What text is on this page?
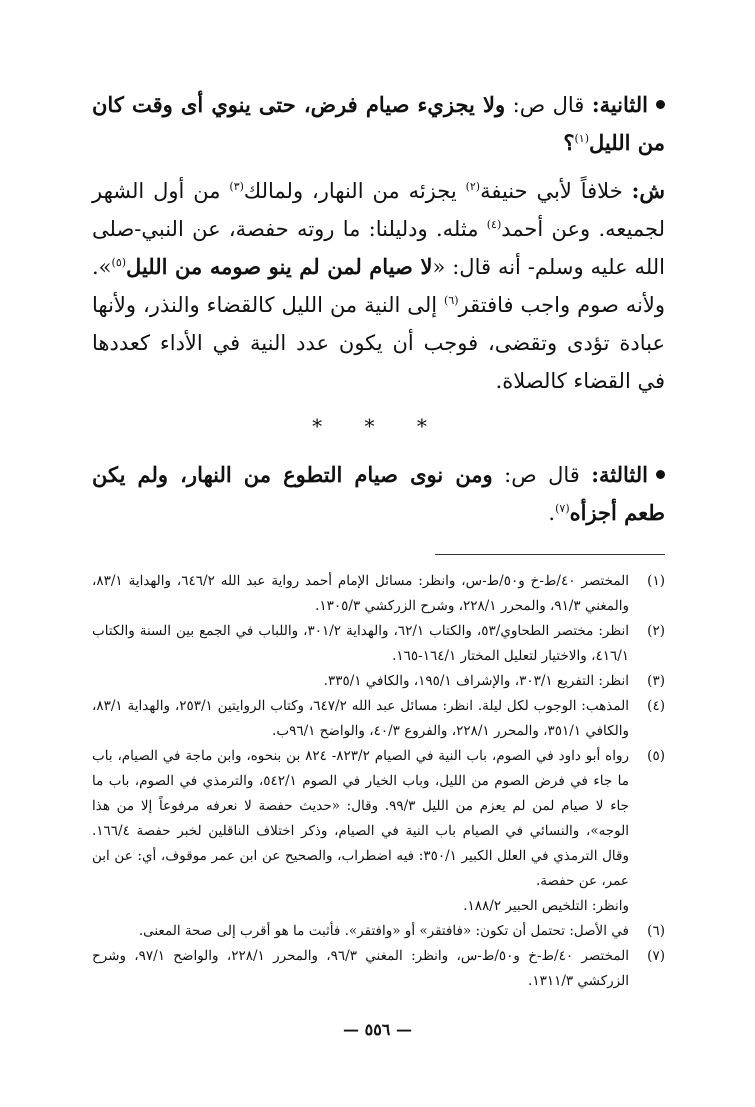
الثانية: قال ص: ولا يجزيء صيام فرض، حتى ينوي أى وقت كان من الليل$^{(١)}$؟

ش: خلافاً لأبي حنيفة$^{(٢)}$ يجزئه من النهار، ولمالك$^{(٣)}$ من أول الشهر لجميعه. وعن أحمد$^{(٤)}$ مثله. ودليلنا: ما روته حفصة، عن النبي-صلى الله عليه وسلم- أنه قال: «لا صيام لمن لم ينو صومه من الليل$^{(٥)}$». ولأنه صوم واجب فافتقر$^{(٦)}$ إلى النية من الليل كالقضاء والنذر، ولأنها عبادة تؤدى وتقضى، فوجب أن يكون عدد النية في الأداء كعددها في القضاء كالصلاة.

* * *

الثالثة: قال ص: ومن نوى صيام التطوع من النهار، ولم يكن طعم أجزأه$^{(٧)}$.

(١)
المختصر ٤٠/ط-خ و٥٠/ط-س، وانظر: مسائل الإمام أحمد رواية عبد الله ٦٤٦/٢، والهداية ٨٣/١، والمغني ٩١/٣، والمحرر ٢٢٨/١، وشرح الزركشي ١٣٠٥/٣.
(٢)
انظر: مختصر الطحاوي/٥٣، والكتاب ٦٢/١، والهداية ٣٠١/٢، واللباب في الجمع بين السنة والكتاب ٤١٦/١، والاختيار لتعليل المختار ١٦٤/١-١٦٥.
(٣)
انظر: التفريع ٣٠٣/١، والإشراف ١٩٥/١، والكافي ٣٣٥/١.
(٤)
المذهب: الوجوب لكل ليلة. انظر: مسائل عبد الله ٦٤٧/٢، وكتاب الروايتين ٢٥٣/١، والهداية ٨٣/١، والكافي ٣٥١/١، والمحرر ٢٢٨/١، والفروع ٤٠/٣، والواضح ٩٦/١ب.
(٥)
رواه أبو داود في الصوم، باب النية في الصيام ٨٢٣/٢- ٨٢٤ بن بنحوه، وابن ماجة في الصيام، باب ما جاء في فرض الصوم من الليل، وباب الخيار في الصوم ٥٤٢/١، والترمذي في الصوم، باب ما جاء لا صيام لمن لم يعزم من الليل ٩٩/٣. وقال: «حديث حفصة لا نعرفه مرفوعاً إلا من هذا الوجه»، والنسائي في الصيام باب النية في الصيام، وذكر اختلاف الناقلين لخبر حفصة ١٦٦/٤. وقال الترمذي في العلل الكبير ٣٥٠/١: فيه اضطراب، والصحيح عن ابن عمر موقوف، أي: عن ابن عمر، عن حفصة.
وانظر: التلخيص الحبير ١٨٨/٢.
(٦)
في الأصل: تحتمل أن تكون: «فافتقر» أو «وافتقر». فأثبت ما هو أقرب إلى صحة المعنى.
(٧)
المختصر ٤٠/ط-خ و٥٠/ط-س، وانظر: المغني ٩٦/٣، والمحرر ٢٢٨/١، والواضح ٩٧/١، وشرح الزركشي ١٣١١/٣.
— ٥٥٦ —
